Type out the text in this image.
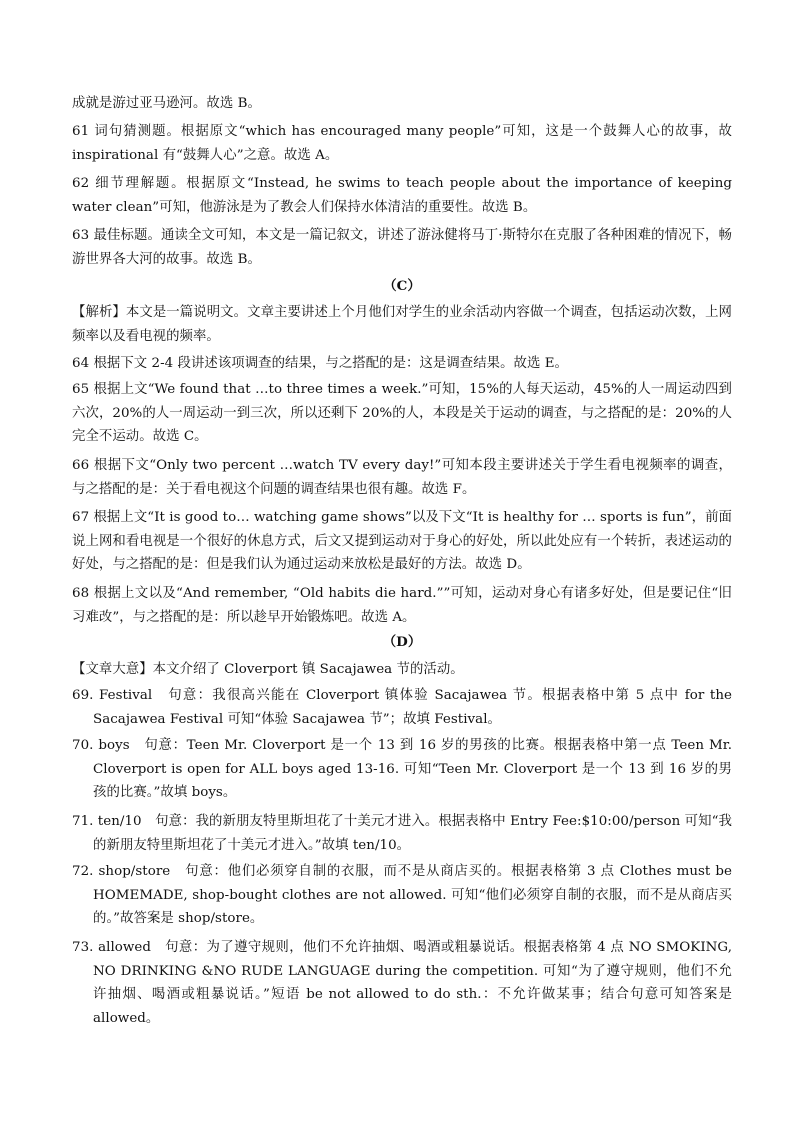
成就是游过亚马逊河。故选 B。
61 词句猜测题。根据原文“which has encouraged many people”可知，这是一个鼓舞人心的故事，故 inspirational 有“鼓舞人心”之意。故选 A。
62 细节理解题。根据原文“Instead, he swims to teach people about the importance of keeping water clean”可知，他游泳是为了教会人们保持水体清洁的重要性。故选 B。
63 最佳标题。通读全文可知，本文是一篇记叙文，讲述了游泳健将马丁·斯特尔在克服了各种困难的情况下，畅游世界各大河的故事。故选 B。
（C）
【解析】本文是一篇说明文。文章主要讲述上个月他们对学生的业余活动内容做一个调查，包括运动次数，上网频率以及看电视的频率。
64 根据下文 2-4 段讲述该项调查的结果，与之搭配的是：这是调查结果。故选 E。
65 根据上文“We found that …to three times a week.”可知，15%的人每天运动，45%的人一周运动四到六次，20%的人一周运动一到三次，所以还剩下 20%的人，本段是关于运动的调查，与之搭配的是：20%的人完全不运动。故选 C。
66 根据下文“Only two percent …watch TV every day!”可知本段主要讲述关于学生看电视频率的调查，与之搭配的是：关于看电视这个问题的调查结果也很有趣。故选 F。
67 根据上文“It is good to… watching game shows”以及下文“It is healthy for … sports is fun”，前面说上网和看电视是一个很好的休息方式，后文又提到运动对于身心的好处，所以此处应有一个转折，表述运动的好处，与之搭配的是：但是我们认为通过运动来放松是最好的方法。故选 D。
68 根据上文以及“And remember, “Old habits die hard.””可知，运动对身心有诸多好处，但是要记住“旧习难改”，与之搭配的是：所以趁早开始锻炼吧。故选 A。
（D）
【文章大意】本文介绍了 Cloverport 镇 Sacajawea 节的活动。
69. Festival　句意：我很高兴能在 Cloverport 镇体验 Sacajawea 节。根据表格中第 5 点中 for the Sacajawea Festival 可知“体验 Sacajawea 节”；故填 Festival。
70. boys　句意：Teen Mr. Cloverport 是一个 13 到 16 岁的男孩的比赛。根据表格中第一点 Teen Mr. Cloverport is open for ALL boys aged 13-16. 可知“Teen Mr. Cloverport 是一个 13 到 16 岁的男孩的比赛。”故填 boys。
71. ten/10　句意：我的新朋友特里斯坦花了十美元才进入。根据表格中 Entry Fee:$10:00/person 可知“我的新朋友特里斯坦花了十美元才进入。”故填 ten/10。
72. shop/store　句意：他们必须穿自制的衣服，而不是从商店买的。根据表格第 3 点 Clothes must be HOMEMADE, shop-bought clothes are not allowed. 可知“他们必须穿自制的衣服，而不是从商店买的。”故答案是 shop/store。
73. allowed　句意：为了遵守规则，他们不允许抽烟、喝酒或粗暴说话。根据表格第 4 点 NO SMOKING, NO DRINKING &NO RUDE LANGUAGE during the competition. 可知“为了遵守规则，他们不允许抽烟、喝酒或粗暴说话。”短语 be not allowed to do sth.：不允许做某事；结合句意可知答案是 allowed。
